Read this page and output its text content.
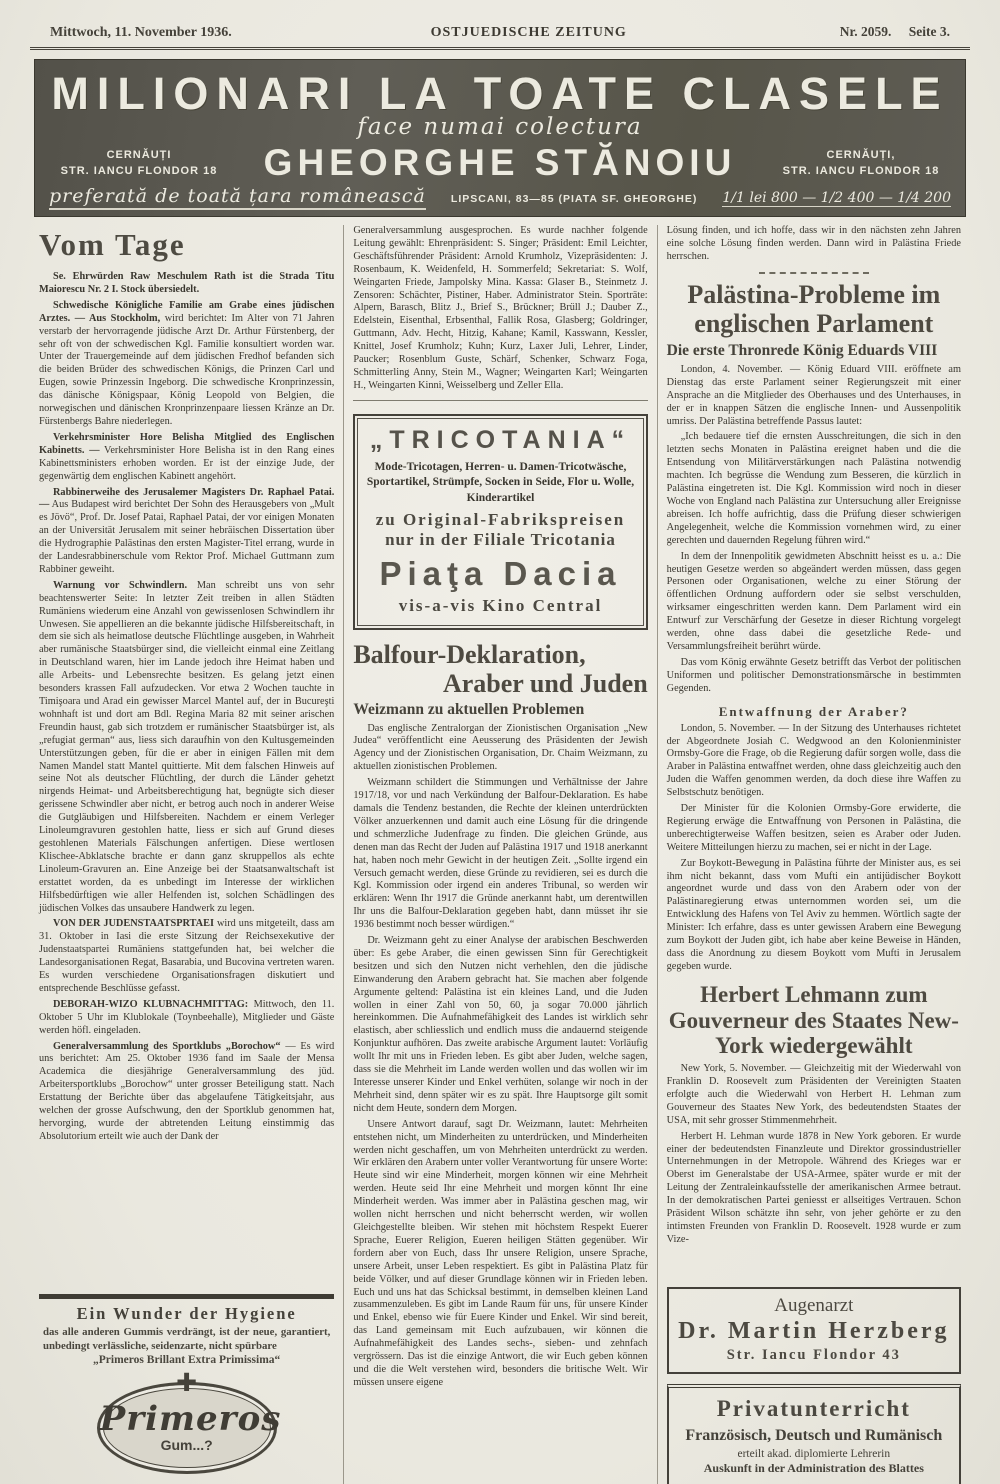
Mittwoch, 11. November 1936.	OSTJUEDISCHE ZEITUNG	Nr. 2059. Seite 3.
MILIONARI LA TOATE CLASELE
face numai colectura
CERNĂUȚI
STR. IANCU FLONDOR 18	GHEORGHE STĂNOIU	CERNĂUȚI,
STR. IANCU FLONDOR 18
preferată de toată țara românească LIPSCANI, 83—85 (PIATA SF. GHEORGHE) 1/1 lei 800 — 1/2 400 — 1/4 200
Vom Tage

Se. Ehrwürden Raw Meschulem Rath ist die Strada Titu Maiorescu Nr. 2 I. Stock übersiedelt.

Schwedische Königliche Familie am Grabe eines jüdischen Arztes. — Aus Stockholm, wird berichtet: Im Alter von 71 Jahren verstarb der hervorragende jüdische Arzt Dr. Arthur Fürstenberg, der sehr oft von der schwedischen Kgl. Familie konsultiert worden war. Unter der Trauergemeinde auf dem jüdischen Fredhof befanden sich die beiden Brüder des schwedischen Königs, die Prinzen Carl und Eugen, sowie Prinzessin Ingeborg. Die schwedische Kronprinzessin, das dänische Königspaar, König Leopold von Belgien, die norwegischen und dänischen Kronprinzenpaare liessen Kränze an Dr. Fürstenbergs Bahre niederlegen.

Verkehrsminister Hore Belisha Mitglied des Englischen Kabinetts. — Verkehrsminister Hore Belisha ist in den Rang eines Kabinettsministers erhoben worden. Er ist der einzige Jude, der gegenwärtig dem englischen Kabinett angehört.

Rabbinerweihe des Jerusalemer Magisters Dr. Raphael Patai. — Aus Budapest wird berichtet Der Sohn des Herausgebers von „Mult es Jövö“, Prof. Dr. Josef Patai, Raphael Patai, der vor einigen Monaten an der Universität Jerusalem mit seiner hebräischen Dissertation über die Hydrographie Palästinas den ersten Magister-Titel errang, wurde in der Landesrabbinerschule vom Rektor Prof. Michael Guttmann zum Rabbiner geweiht.

Warnung vor Schwindlern. Man schreibt uns von sehr beachtenswerter Seite: In letzter Zeit treiben in allen Städten Rumäniens wiederum eine Anzahl von gewissenlosen Schwindlern ihr Unwesen. Sie appellieren an die bekannte jüdische Hilfsbereitschaft, in dem sie sich als heimatlose deutsche Flüchtlinge ausgeben, in Wahrheit aber rumänische Staatsbürger sind, die vielleicht einmal eine Zeitlang in Deutschland waren, hier im Lande jedoch ihre Heimat haben und alle Arbeits- und Lebensrechte besitzen. Es gelang jetzt einen besonders krassen Fall aufzudecken. Vor etwa 2 Wochen tauchte in Timişoara und Arad ein gewisser Marcel Mantel auf, der in Bucureşti wohnhaft ist und dort am Bdl. Regina Maria 82 mit seiner arischen Freundin haust, gab sich trotzdem er rumänischer Staatsbürger ist, als „refugiat german“ aus, liess sich daraufhin von den Kultusgemeinden Unterstützungen geben, für die er aber in einigen Fällen mit dem Namen Mandel statt Mantel quittierte. Mit dem falschen Hinweis auf seine Not als deutscher Flüchtling, der durch die Länder gehetzt nirgends Heimat- und Arbeitsberechtigung hat, begnügte sich dieser gerissene Schwindler aber nicht, er betrog auch noch in anderer Weise die Gutgläubigen und Hilfsbereiten. Nachdem er einem Verleger Linoleumgravuren gestohlen hatte, liess er sich auf Grund dieses gestohlenen Materials Fälschungen anfertigen. Diese wertlosen Klischee-Abklatsche brachte er dann ganz skruppellos als echte Linoleum-Gravuren an. Eine Anzeige bei der Staatsanwaltschaft ist erstattet worden, da es unbedingt im Interesse der wirklichen Hilfsbedürftigen wie aller Helfenden ist, solchen Schädlingen des jüdischen Volkes das unsaubere Handwerk zu legen.

VON DER JUDENSTAATSPRTAEI wird uns mitgeteilt, dass am 31. Oktober in Iasi die erste Sitzung der Reichsexekutive der Judenstaatspartei Rumäniens stattgefunden hat, bei welcher die Landesorganisationen Regat, Basarabia, und Bucovina vertreten waren. Es wurden verschiedene Organisationsfragen diskutiert und entsprechende Beschlüsse gefasst.

DEBORAH-WIZO KLUBNACHMITTAG: Mittwoch, den 11. Oktober 5 Uhr im Klublokale (Toynbeehalle), Mitglieder und Gäste werden höfl. eingeladen.

Generalversammlung des Sportklubs „Borochow“ — Es wird uns berichtet: Am 25. Oktober 1936 fand im Saale der Mensa Academica die diesjährige Generalversammlung des jüd. Arbeitersportklubs „Borochow“ unter grosser Beteiligung statt. Nach Erstattung der Berichte über das abgelaufene Tätigkeitsjahr, aus welchen der grosse Aufschwung, den der Sportklub genommen hat, hervorging, wurde der abtretenden Leitung einstimmig das Absolutorium erteilt wie auch der Dank der

Ein Wunder der Hygiene
das alle anderen Gummis verdrängt, ist der neue, garantiert, unbedingt verlässliche, seidenzarte, nicht spürbare
„Primeros Brillant Extra Primissima“
✚
Primeros
Gum...?

Generalversammlung ausgesprochen. Es wurde nachher folgende Leitung gewählt: Ehrenpräsident: S. Singer; Präsident: Emil Leichter, Geschäftsführender Präsident: Arnold Krumholz, Vizepräsidenten: J. Rosenbaum, K. Weidenfeld, H. Sommerfeld; Sekretariat: S. Wolf, Weingarten Friede, Jampolsky Mina. Kassa: Glaser B., Steinmetz J. Zensoren: Schächter, Pistiner, Haber. Administrator Stein. Sporträte: Alpern, Barasch, Blitz J., Brief S., Brückner; Brüll J.; Dauber Z., Edelstein, Eisenthal, Erbsenthal, Fallik Rosa, Glasberg; Goldringer, Guttmann, Adv. Hecht, Hitzig, Kahane; Kamil, Kasswann, Kessler, Knittel, Josef Krumholz; Kuhn; Kurz, Laxer Juli, Lehrer, Linder, Paucker; Rosenblum Guste, Schärf, Schenker, Schwarz Foga, Schmitterling Anny, Stein M., Wagner; Weingarten Karl; Weingarten H., Weingarten Kinni, Weisselberg und Zeller Ella.

„TRICOTANIA“
Mode-Tricotagen, Herren- u. Damen-Tricotwäsche, Sportartikel, Strümpfe, Socken in Seide, Flor u. Wolle, Kinderartikel
zu Original-Fabrikspreisen
nur in der Filiale Tricotania
Piaţa Dacia
vis-a-vis Kino Central
Balfour-Deklaration,
Araber und Juden
Weizmann zu aktuellen Problemen

Das englische Zentralorgan der Zionistischen Organisation „New Judea“ veröffentlicht eine Aeusserung des Präsidenten der Jewish Agency und der Zionistischen Organisation, Dr. Chaim Weizmann, zu aktuellen zionistischen Problemen.

Weizmann schildert die Stimmungen und Verhältnisse der Jahre 1917/18, vor und nach Verkündung der Balfour-Deklaration. Es habe damals die Tendenz bestanden, die Rechte der kleinen unterdrückten Völker anzuerkennen und damit auch eine Lösung für die dringende und schmerzliche Judenfrage zu finden. Die gleichen Gründe, aus denen man das Recht der Juden auf Palästina 1917 und 1918 anerkannt hat, haben noch mehr Gewicht in der heutigen Zeit. „Sollte irgend ein Versuch gemacht werden, diese Gründe zu revidieren, sei es durch die Kgl. Kommission oder irgend ein anderes Tribunal, so werden wir erklären: Wenn Ihr 1917 die Gründe anerkannt habt, um derentwillen Ihr uns die Balfour-Deklaration gegeben habt, dann müsset ihr sie 1936 bestimmt noch besser würdigen.“

Dr. Weizmann geht zu einer Analyse der arabischen Beschwerden über: Es gebe Araber, die einen gewissen Sinn für Gerechtigkeit besitzen und sich den Nutzen nicht verhehlen, den die jüdische Einwanderung den Arabern gebracht hat. Sie machen aber folgende Argumente geltend: Palästina ist ein kleines Land, und die Juden wollen in einer Zahl von 50, 60, ja sogar 70.000 jährlich hereinkommen. Die Aufnahmefähigkeit des Landes ist wirklich sehr elastisch, aber schliesslich und endlich muss die andauernd steigende Konjunktur aufhören. Das zweite arabische Argument lautet: Vorläufig wollt Ihr mit uns in Frieden leben. Es gibt aber Juden, welche sagen, dass sie die Mehrheit im Lande werden wollen und das wollen wir im Interesse unserer Kinder und Enkel verhüten, solange wir noch in der Mehrheit sind, denn später wir es zu spät. Ihre Hauptsorge gilt somit nicht dem Heute, sondern dem Morgen.

Unsere Antwort darauf, sagt Dr. Weizmann, lautet: Mehrheiten entstehen nicht, um Minderheiten zu unterdrücken, und Minderheiten werden nicht geschaffen, um von Mehrheiten unterdrückt zu werden. Wir erklären den Arabern unter voller Verantwortung für unsere Worte: Heute sind wir eine Minderheit, morgen können wir eine Mehrheit werden. Heute seid Ihr eine Mehrheit und morgen könnt Ihr eine Minderheit werden. Was immer aber in Palästina geschen mag, wir wollen nicht herrschen und nicht beherrscht werden, wir wollen Gleichgestellte bleiben. Wir stehen mit höchstem Respekt Euerer Sprache, Euerer Religion, Eueren heiligen Stätten gegenüber. Wir fordern aber von Euch, dass Ihr unsere Religion, unsere Sprache, unsere Arbeit, unser Leben respektiert. Es gibt in Palästina Platz für beide Völker, und auf dieser Grundlage können wir in Frieden leben. Euch und uns hat das Schicksal bestimmt, in demselben kleinen Land zusammenzuleben. Es gibt im Lande Raum für uns, für unsere Kinder und Enkel, ebenso wie für Euere Kinder und Enkel. Wir sind bereit, das Land gemeinsam mit Euch aufzubauen, wir können die Aufnahmefähigkeit des Landes sechs-, sieben- und zehnfach vergrössern. Das ist die einzige Antwort, die wir Euch geben können und die die Welt verstehen wird, besonders die britische Welt. Wir müssen unsere eigene

Lösung finden, und ich hoffe, dass wir in den nächsten zehn Jahren eine solche Lösung finden werden. Dann wird in Palästina Friede herrschen.

Palästina-Probleme im englischen Parlament
Die erste Thronrede König Eduards VIII

London, 4. November. — König Eduard VIII. eröffnete am Dienstag das erste Parlament seiner Regierungszeit mit einer Ansprache an die Mitglieder des Oberhauses und des Unterhauses, in der er in knappen Sätzen die englische Innen- und Aussenpolitik umriss. Der Palästina betreffende Passus lautet:

„Ich bedauere tief die ernsten Ausschreitungen, die sich in den letzten sechs Monaten in Palästina ereignet haben und die die Entsendung von Militärverstärkungen nach Palästina notwendig machten. Ich begrüsse die Wendung zum Besseren, die kürzlich in Palästina eingetreten ist. Die Kgl. Kommission wird noch in dieser Woche von England nach Palästina zur Untersuchung aller Ereignisse abreisen. Ich hoffe aufrichtig, dass die Prüfung dieser schwierigen Angelegenheit, welche die Kommission vornehmen wird, zu einer gerechten und dauernden Regelung führen wird.“

In dem der Innenpolitik gewidmeten Abschnitt heisst es u. a.: Die heutigen Gesetze werden so abgeändert werden müssen, dass gegen Personen oder Organisationen, welche zu einer Störung der öffentlichen Ordnung auffordern oder sie selbst verschulden, wirksamer eingeschritten werden kann. Dem Parlament wird ein Entwurf zur Verschärfung der Gesetze in dieser Richtung vorgelegt werden, ohne dass dabei die gesetzliche Rede- und Versammlungsfreiheit berührt würde.

Das vom König erwähnte Gesetz betrifft das Verbot der politischen Uniformen und politischer Demonstrationsmärsche in bestimmten Gegenden.

Entwaffnung der Araber?

London, 5. November. — In der Sitzung des Unterhauses richtetet der Abgeordnete Josiah C. Wedgwood an den Kolonienminister Ormsby-Gore die Frage, ob die Regierung dafür sorgen wolle, dass die Araber in Palästina entwaffnet werden, ohne dass gleichzeitig auch den Juden die Waffen genommen werden, da doch diese ihre Waffen zu Selbstschutz benötigen.

Der Minister für die Kolonien Ormsby-Gore erwiderte, die Regierung erwäge die Entwaffnung von Personen in Palästina, die unberechtigterweise Waffen besitzen, seien es Araber oder Juden. Weitere Mitteilungen hierzu zu machen, sei er nicht in der Lage.

Zur Boykott-Bewegung in Palästina führte der Minister aus, es sei ihm nicht bekannt, dass vom Mufti ein antijüdischer Boykott angeordnet wurde und dass von den Arabern oder von der Palästinaregierung etwas unternommen worden sei, um die Entwicklung des Hafens von Tel Aviv zu hemmen. Wörtlich sagte der Minister: Ich erfahre, dass es unter gewissen Arabern eine Bewegung zum Boykott der Juden gibt, ich habe aber keine Beweise in Händen, dass die Anordnung zu diesem Boykott vom Mufti in Jerusalem gegeben wurde.

Herbert Lehmann zum Gouverneur des Staates New-York wiedergewählt

New York, 5. November. — Gleichzeitig mit der Wiederwahl von Franklin D. Roosevelt zum Präsidenten der Vereinigten Staaten erfolgte auch die Wiederwahl von Herbert H. Lehman zum Gouverneur des Staates New York, des bedeutendsten Staates der USA, mit sehr grosser Stimmenmehrheit.

Herbert H. Lehman wurde 1878 in New York geboren. Er wurde einer der bedeutendsten Finanzleute und Direktor grossindustrieller Unternehmungen in der Metropole. Während des Krieges war er Oberst im Generalstabe der USA-Armee, später wurde er mit der Leitung der Zentraleinkaufsstelle der amerikanischen Armee betraut. In der demokratischen Partei geniesst er allseitiges Vertrauen. Schon Präsident Wilson schätzte ihn sehr, von jeher gehörte er zu den intimsten Freunden von Franklin D. Roosevelt. 1928 wurde er zum Vize-

Augenarzt
Dr. Martin Herzberg
Str. Iancu Flondor 43
Privatunterricht
Französisch, Deutsch und Rumänisch
erteilt akad. diplomierte Lehrerin
Auskunft in der Administration des Blattes
